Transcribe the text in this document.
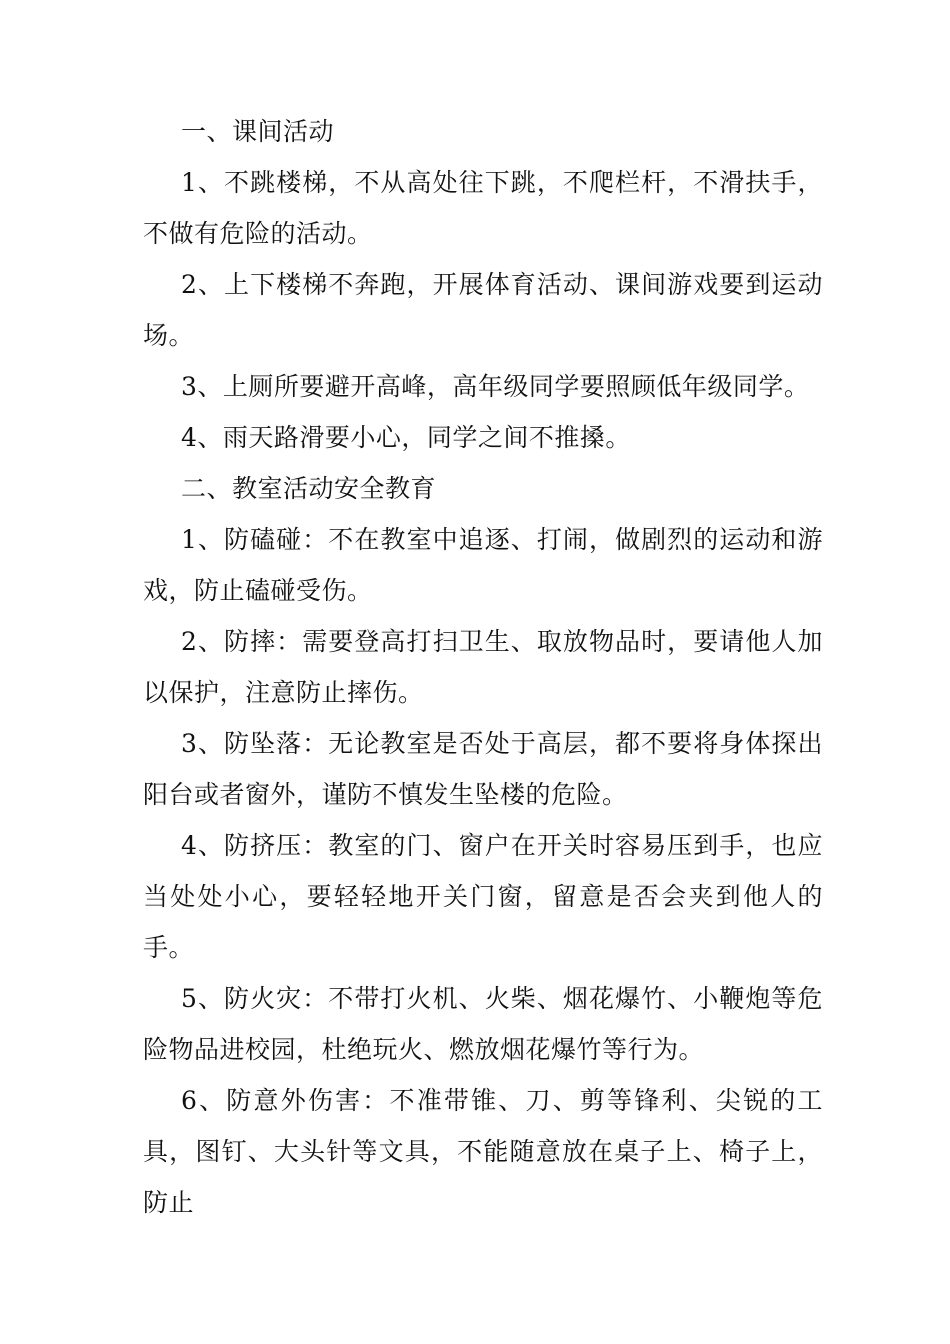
一、课间活动

1、不跳楼梯，不从高处往下跳，不爬栏杆，不滑扶手，不做有危险的活动。

2、上下楼梯不奔跑，开展体育活动、课间游戏要到运动场。

3、上厕所要避开高峰，高年级同学要照顾低年级同学。

4、雨天路滑要小心，同学之间不推搡。

二、教室活动安全教育

1、防磕碰：不在教室中追逐、打闹，做剧烈的运动和游戏，防止磕碰受伤。

2、防摔：需要登高打扫卫生、取放物品时，要请他人加以保护，注意防止摔伤。

3、防坠落：无论教室是否处于高层，都不要将身体探出阳台或者窗外，谨防不慎发生坠楼的危险。

4、防挤压：教室的门、窗户在开关时容易压到手，也应当处处小心，要轻轻地开关门窗，留意是否会夹到他人的手。

5、防火灾：不带打火机、火柴、烟花爆竹、小鞭炮等危险物品进校园，杜绝玩火、燃放烟花爆竹等行为。

6、防意外伤害：不准带锥、刀、剪等锋利、尖锐的工具，图钉、大头针等文具，不能随意放在桌子上、椅子上，防止
